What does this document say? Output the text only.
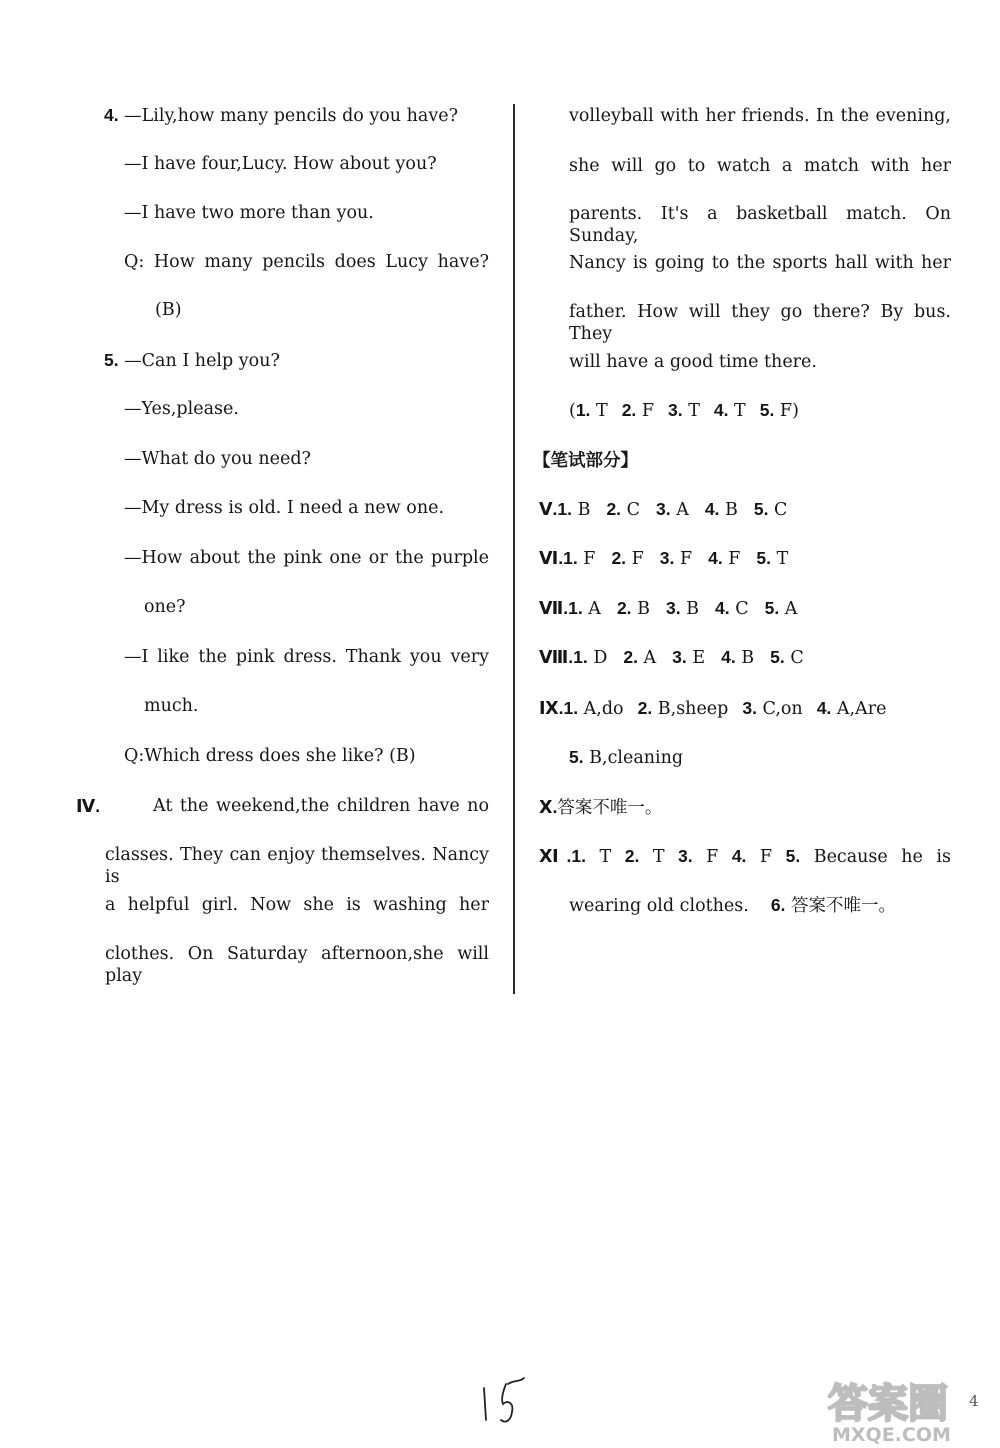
4. —Lily,how many pencils do you have?
—I have four,Lucy. How about you?
—I have two more than you.
Q: How many pencils does Lucy have?
(B)
5. —Can I help you?
—Yes,please.
—What do you need?
—My dress is old. I need a new one.
—How about the pink one or the purple
one?
—I like the pink dress. Thank you very
much.
Q:Which dress does she like? (B)
Ⅳ.	At the weekend,the children have no
classes. They can enjoy themselves. Nancy is
a helpful girl. Now she is washing her
clothes. On Saturday afternoon,she will play
volleyball with her friends. In the evening,
she will go to watch a match with her
parents. It's a basketball match. On Sunday,
Nancy is going to the sports hall with her
father. How will they go there? By bus. They
will have a good time there.
(1. T 2. F 3. T 4. T 5. F)
【笔试部分】
Ⅴ.1. B 2. C 3. A 4. B 5. C
Ⅵ.1. F 2. F 3. F 4. F 5. T
Ⅶ.1. A 2. B 3. B 4. C 5. A
Ⅷ.1. D 2. A 3. E 4. B 5. C
Ⅸ.1. A,do 2. B,sheep 3. C,on 4. A,Are
5. B,cleaning
Ⅹ.答案不唯一。
Ⅺ.1. T 2. T 3. F 4. F 5. Because he is
wearing old clothes. 6. 答案不唯一。
答案圈
MXQE.COM
4
